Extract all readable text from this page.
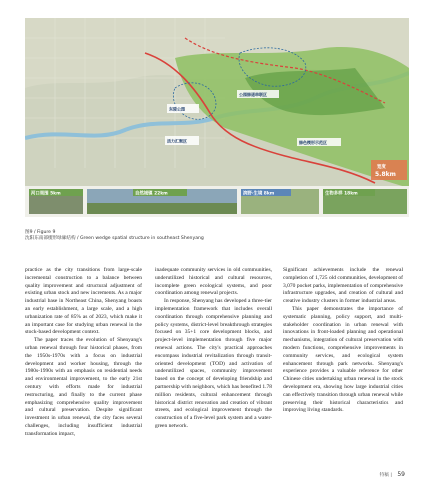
东陵公园
活力汇聚区
公园绿道串联区
绿色楔形示范区
宽度
5.8km
河口周围 5km	自然城镇 22km	滨野·生境 8km	生物多样 18km
图9 / Figure 9
沈阳东南部楔形绿廊结构 / Green wedge spatial structure in southeast Shenyang

practice as the city transitions from large-scale incremental construction to a balance between quality improvement and structural adjustment of existing urban stock and new increments. As a major industrial base in Northeast China, Shenyang boasts an early establishment, a large scale, and a high urbanization rate of 85% as of 2023, which make it an important case for studying urban renewal in the stock-based development context.

The paper traces the evolution of Shenyang's urban renewal through four historical phases, from the 1950s-1970s with a focus on industrial development and worker housing, through the 1980s-1990s with an emphasis on residential needs and environmental improvement, to the early 21st century with efforts made for industrial restructuring, and finally to the current phase emphasizing comprehensive quality improvement and cultural preservation. Despite significant investment in urban renewal, the city faces several challenges, including insufficient industrial transformation impact,

inadequate community services in old communities, underutilized historical and cultural resources, incomplete green ecological systems, and poor coordination among renewal projects.

In response, Shenyang has developed a three-tier implementation framework that includes overall coordination through comprehensive planning and policy systems, district-level breakthrough strategies focused on 35+1 core development blocks, and project-level implementation through five major renewal actions. The city's practical approaches encompass industrial revitalization through transit-oriented development (TOD) and activation of underutilized spaces, community improvement based on the concept of developing friendship and partnership with neighbors, which has benefited 1.78 million residents, cultural enhancement through historical district renovation and creation of vibrant streets, and ecological improvement through the construction of a five-level park system and a water-green network.

Significant achievements include the renewal completion of 1,725 old communities, development of 3,070 pocket parks, implementation of comprehensive infrastructure upgrades, and creation of cultural and creative industry clusters in former industrial areas.

This paper demonstrates the importance of systematic planning, policy support, and multi-stakeholder coordination in urban renewal with innovations in front-loaded planning and operational mechanisms, integration of cultural preservation with modern functions, comprehensive improvements in community services, and ecological system enhancement through park networks. Shenyang's experience provides a valuable reference for other Chinese cities undertaking urban renewal in the stock development era, showing how large industrial cities can effectively transition through urban renewal while preserving their historical characteristics and improving living standards.

特稿 | 59
